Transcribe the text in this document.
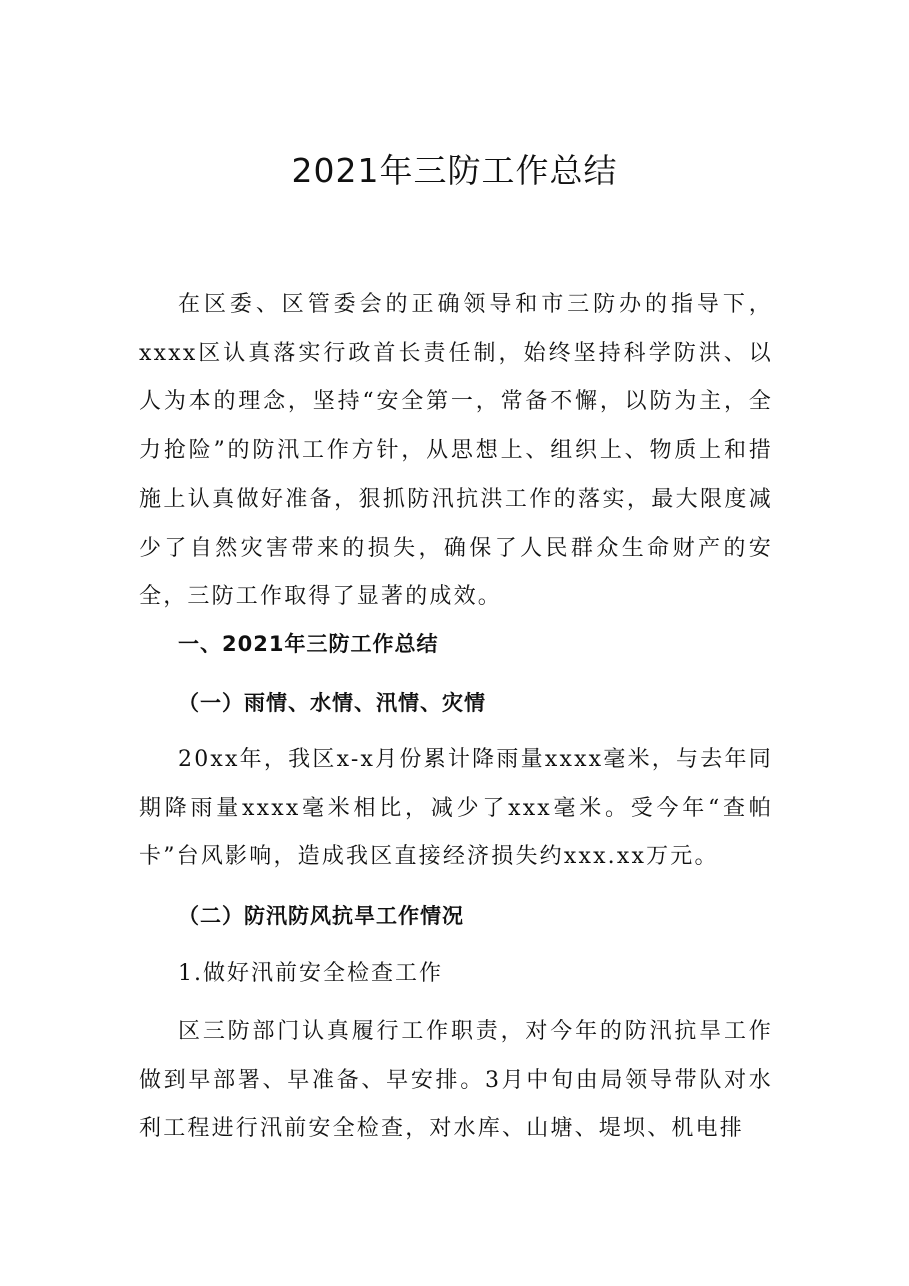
2021年三防工作总结

在区委、区管委会的正确领导和市三防办的指导下，xxxx区认真落实行政首长责任制，始终坚持科学防洪、以人为本的理念，坚持“安全第一，常备不懈，以防为主，全力抢险”的防汛工作方针，从思想上、组织上、物质上和措施上认真做好准备，狠抓防汛抗洪工作的落实，最大限度减少了自然灾害带来的损失，确保了人民群众生命财产的安全，三防工作取得了显著的成效。

一、2021年三防工作总结

（一）雨情、水情、汛情、灾情

20xx年，我区x-x月份累计降雨量xxxx毫米，与去年同期降雨量xxxx毫米相比，减少了xxx毫米。受今年“查帕卡”台风影响，造成我区直接经济损失约xxx.xx万元。

（二）防汛防风抗旱工作情况

1.做好汛前安全检查工作

区三防部门认真履行工作职责，对今年的防汛抗旱工作做到早部署、早准备、早安排。3月中旬由局领导带队对水利工程进行汛前安全检查，对水库、山塘、堤坝、机电排
